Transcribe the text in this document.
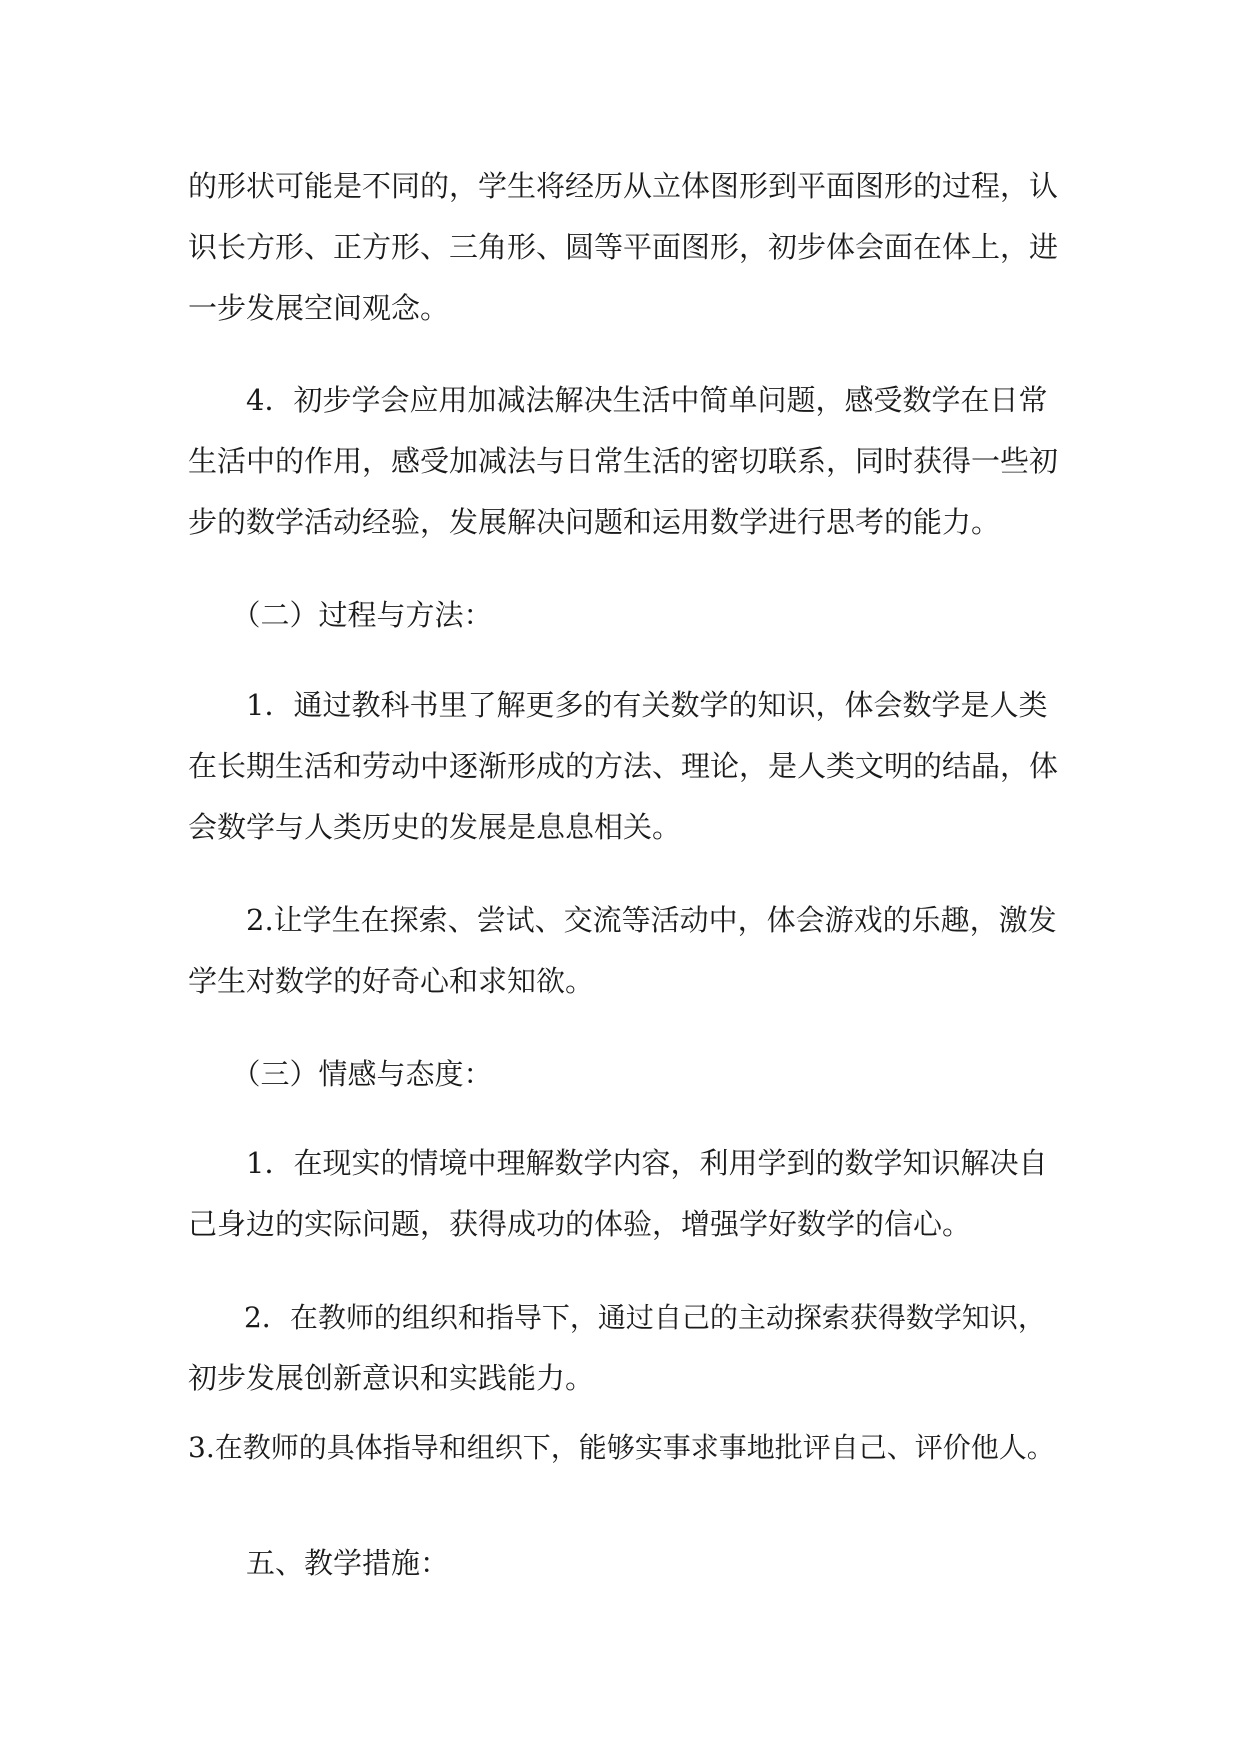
的形状可能是不同的，学生将经历从立体图形到平面图形的过程，认
识长方形、正方形、三角形、圆等平面图形，初步体会面在体上，进
一步发展空间观念。

　　4．初步学会应用加减法解决生活中简单问题，感受数学在日常
生活中的作用，感受加减法与日常生活的密切联系，同时获得一些初
步的数学活动经验，发展解决问题和运用数学进行思考的能力。

　　（二）过程与方法：

　　1．通过教科书里了解更多的有关数学的知识，体会数学是人类
在长期生活和劳动中逐渐形成的方法、理论，是人类文明的结晶，体
会数学与人类历史的发展是息息相关。

　　2.让学生在探索、尝试、交流等活动中，体会游戏的乐趣，激发
学生对数学的好奇心和求知欲。

　　（三）情感与态度：

　　1．在现实的情境中理解数学内容，利用学到的数学知识解决自
己身边的实际问题，获得成功的体验，增强学好数学的信心。

　　2．在教师的组织和指导下，通过自己的主动探索获得数学知识，
初步发展创新意识和实践能力。

3.在教师的具体指导和组织下，能够实事求事地批评自己、评价他人。

　　五、教学措施：
